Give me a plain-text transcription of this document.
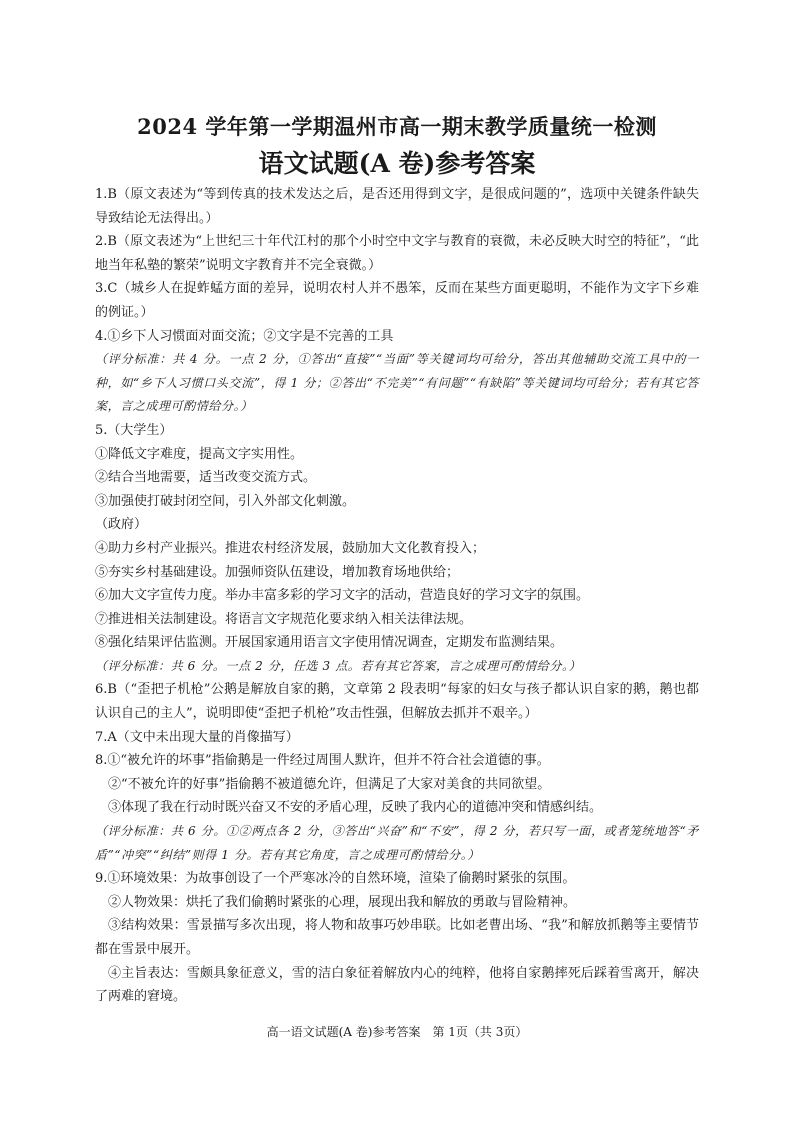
2024 学年第一学期温州市高一期末教学质量统一检测
语文试题(A 卷)参考答案

1.B（原文表述为“等到传真的技术发达之后，是否还用得到文字，是很成问题的”，选项中关键条件缺失导致结论无法得出。）

2.B（原文表述为“上世纪三十年代江村的那个小时空中文字与教育的衰微，未必反映大时空的特征”，“此地当年私塾的繁荣”说明文字教育并不完全衰微。）

3.C（城乡人在捉蚱蜢方面的差异，说明农村人并不愚笨，反而在某些方面更聪明，不能作为文字下乡难的例证。）

4.①乡下人习惯面对面交流；②文字是不完善的工具

（评分标准：共 4 分。一点 2 分，①答出“直接”“当面”等关键词均可给分，答出其他辅助交流工具中的一种，如“乡下人习惯口头交流”，得 1 分；②答出“不完美”“有问题”“有缺陷”等关键词均可给分；若有其它答案，言之成理可酌情给分。）

5.（大学生）

①降低文字难度，提高文字实用性。

②结合当地需要，适当改变交流方式。

③加强使打破封闭空间，引入外部文化刺激。

（政府）

④助力乡村产业振兴。推进农村经济发展，鼓励加大文化教育投入；

⑤夯实乡村基础建设。加强师资队伍建设，增加教育场地供给；

⑥加大文字宣传力度。举办丰富多彩的学习文字的活动，营造良好的学习文字的氛围。

⑦推进相关法制建设。将语言文字规范化要求纳入相关法律法规。

⑧强化结果评估监测。开展国家通用语言文字使用情况调查，定期发布监测结果。

（评分标准：共 6 分。一点 2 分，任选 3 点。若有其它答案，言之成理可酌情给分。）

6.B（“歪把子机枪”公鹅是解放自家的鹅，文章第 2 段表明“每家的妇女与孩子都认识自家的鹅，鹅也都认识自己的主人”，说明即使“歪把子机枪”攻击性强，但解放去抓并不艰辛。）

7.A（文中未出现大量的肖像描写）

8.①“被允许的坏事”指偷鹅是一件经过周围人默许，但并不符合社会道德的事。

②“不被允许的好事”指偷鹅不被道德允许，但满足了大家对美食的共同欲望。

③体现了我在行动时既兴奋又不安的矛盾心理，反映了我内心的道德冲突和情感纠结。

（评分标准：共 6 分。①②两点各 2 分，③答出“兴奋”和“不安”，得 2 分，若只写一面，或者笼统地答“矛盾”“冲突”“纠结”则得 1 分。若有其它角度，言之成理可酌情给分。）

9.①环境效果：为故事创设了一个严寒冰冷的自然环境，渲染了偷鹅时紧张的氛围。

②人物效果：烘托了我们偷鹅时紧张的心理，展现出我和解放的勇敢与冒险精神。

③结构效果：雪景描写多次出现，将人物和故事巧妙串联。比如老曹出场、“我”和解放抓鹅等主要情节都在雪景中展开。

④主旨表达：雪颇具象征意义，雪的洁白象征着解放内心的纯粹，他将自家鹅摔死后踩着雪离开，解决了两难的窘境。

高一语文试题(A 卷)参考答案　第 1页（共 3页）
